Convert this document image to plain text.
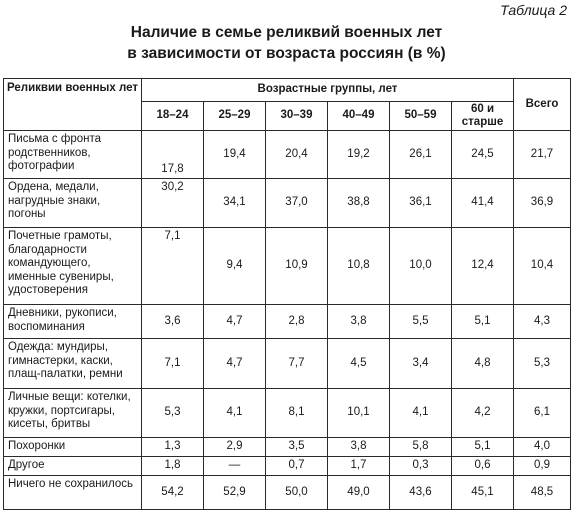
Таблица 2
Наличие в семье реликвий военных лет
в зависимости от возраста россиян (в %)
Реликвии военных лет	Возрастные группы, лет						Всего
	18–24	25–29	30–39	40–49	50–59	60 и старше	
Письма с фронта родственников, фотографии	17,8	19,4	20,4	19,2	26,1	24,5	21,7
Ордена, медали, нагрудные знаки, погоны	30,2	34,1	37,0	38,8	36,1	41,4	36,9
Почетные грамоты, благодарности командующего, именные сувениры, удостоверения	7,1	9,4	10,9	10,8	10,0	12,4	10,4
Дневники, рукописи, воспоминания	3,6	4,7	2,8	3,8	5,5	5,1	4,3
Одежда: мундиры, гимнастерки, каски, плащ-палатки, ремни	7,1	4,7	7,7	4,5	3,4	4,8	5,3
Личные вещи: котелки, кружки, портсигары, кисеты, бритвы	5,3	4,1	8,1	10,1	4,1	4,2	6,1
Похоронки	1,3	2,9	3,5	3,8	5,8	5,1	4,0
Другое	1,8	—	0,7	1,7	0,3	0,6	0,9
Ничего не сохранилось	54,2	52,9	50,0	49,0	43,6	45,1	48,5
